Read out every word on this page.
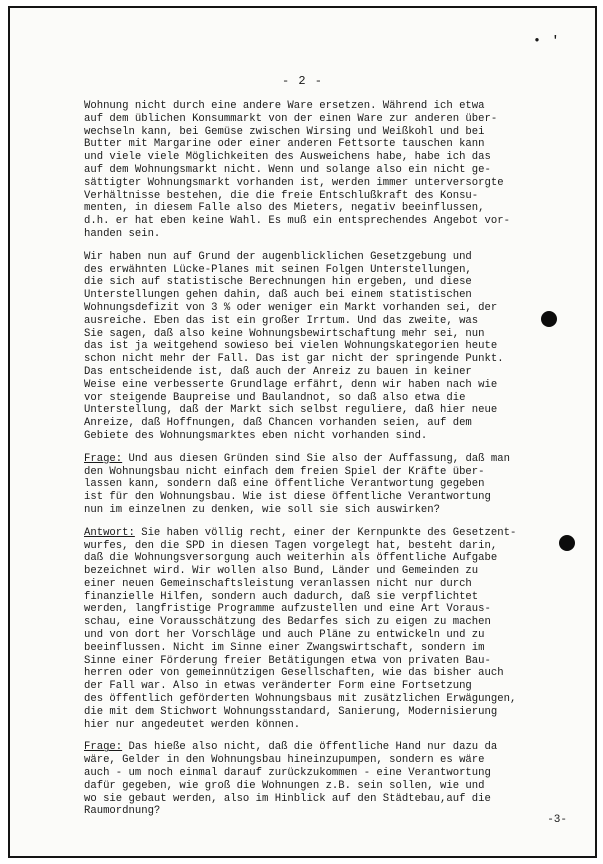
• '
- 2 -
Wohnung nicht durch eine andere Ware ersetzen. Während ich etwa
auf dem üblichen Konsummarkt von der einen Ware zur anderen über-
wechseln kann, bei Gemüse zwischen Wirsing und Weißkohl und bei
Butter mit Margarine oder einer anderen Fettsorte tauschen kann
und viele viele Möglichkeiten des Ausweichens habe, habe ich das
auf dem Wohnungsmarkt nicht. Wenn und solange also ein nicht ge-
sättigter Wohnungsmarkt vorhanden ist, werden immer unterversorgte
Verhältnisse bestehen, die die freie Entschlußkraft des Konsu-
menten, in diesem Falle also des Mieters, negativ beeinflussen,
d.h. er hat eben keine Wahl. Es muß ein entsprechendes Angebot vor-
handen sein.
Wir haben nun auf Grund der augenblicklichen Gesetzgebung und
des erwähnten Lücke-Planes mit seinen Folgen Unterstellungen,
die sich auf statistische Berechnungen hin ergeben, und diese
Unterstellungen gehen dahin, daß auch bei einem statistischen
Wohnungsdefizit von 3 % oder weniger ein Markt vorhanden sei, der
ausreiche. Eben das ist ein großer Irrtum. Und das zweite, was
Sie sagen, daß also keine Wohnungsbewirtschaftung mehr sei, nun
das ist ja weitgehend sowieso bei vielen Wohnungskategorien heute
schon nicht mehr der Fall. Das ist gar nicht der springende Punkt.
Das entscheidende ist, daß auch der Anreiz zu bauen in keiner
Weise eine verbesserte Grundlage erfährt, denn wir haben nach wie
vor steigende Baupreise und Baulandnot, so daß also etwa die
Unterstellung, daß der Markt sich selbst reguliere, daß hier neue
Anreize, daß Hoffnungen, daß Chancen vorhanden seien, auf dem
Gebiete des Wohnungsmarktes eben nicht vorhanden sind.
Frage: Und aus diesen Gründen sind Sie also der Auffassung, daß man
den Wohnungsbau nicht einfach dem freien Spiel der Kräfte über-
lassen kann, sondern daß eine öffentliche Verantwortung gegeben
ist für den Wohnungsbau. Wie ist diese öffentliche Verantwortung
nun im einzelnen zu denken, wie soll sie sich auswirken?
Antwort: Sie haben völlig recht, einer der Kernpunkte des Gesetzent-
wurfes, den die SPD in diesen Tagen vorgelegt hat, besteht darin,
daß die Wohnungsversorgung auch weiterhin als öffentliche Aufgabe
bezeichnet wird. Wir wollen also Bund, Länder und Gemeinden zu
einer neuen Gemeinschaftsleistung veranlassen nicht nur durch
finanzielle Hilfen, sondern auch dadurch, daß sie verpflichtet
werden, langfristige Programme aufzustellen und eine Art Voraus-
schau, eine Vorausschätzung des Bedarfes sich zu eigen zu machen
und von dort her Vorschläge und auch Pläne zu entwickeln und zu
beeinflussen. Nicht im Sinne einer Zwangswirtschaft, sondern im
Sinne einer Förderung freier Betätigungen etwa von privaten Bau-
herren oder von gemeinnützigen Gesellschaften, wie das bisher auch
der Fall war. Also in etwas veränderter Form eine Fortsetzung
des öffentlich geförderten Wohnungsbaus mit zusätzlichen Erwägungen,
die mit dem Stichwort Wohnungsstandard, Sanierung, Modernisierung
hier nur angedeutet werden können.
Frage: Das hieße also nicht, daß die öffentliche Hand nur dazu da
wäre, Gelder in den Wohnungsbau hineinzupumpen, sondern es wäre
auch - um noch einmal darauf zurückzukommen - eine Verantwortung
dafür gegeben, wie groß die Wohnungen z.B. sein sollen, wie und
wo sie gebaut werden, also im Hinblick auf den Städtebau,auf die
Raumordnung?
-3-
